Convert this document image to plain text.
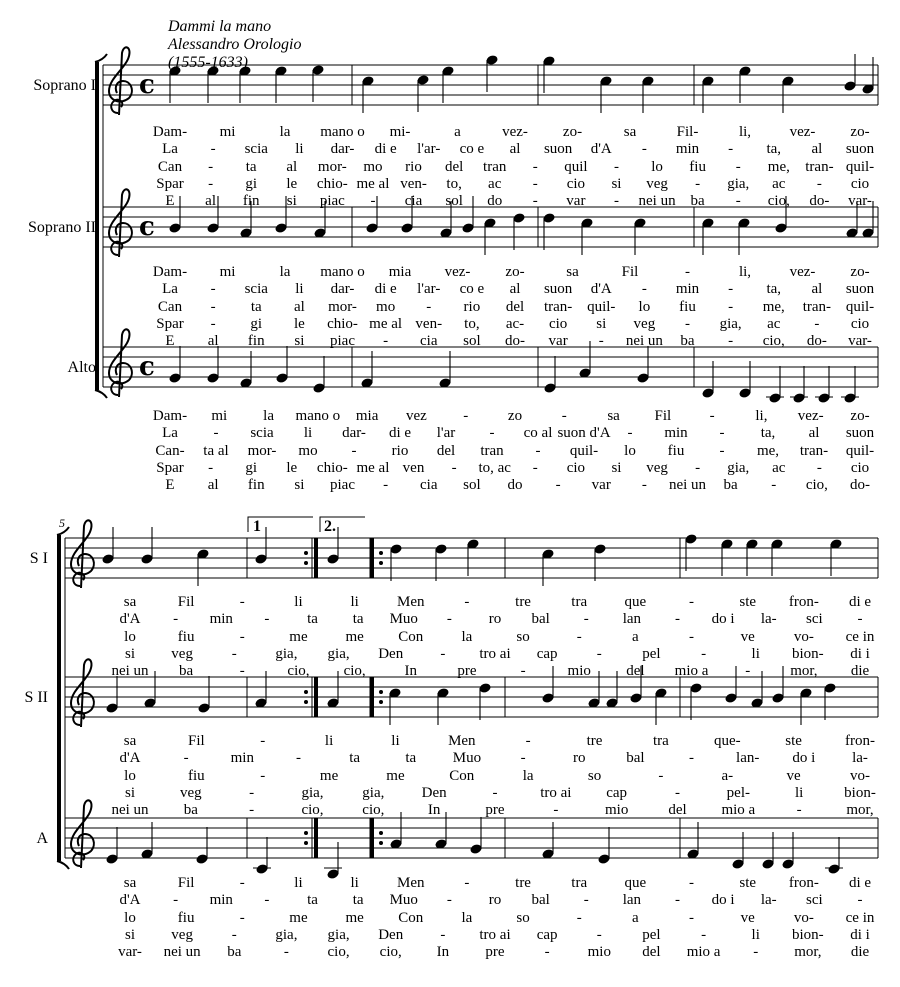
c
c
c
Dammi la mano
Alessandro Orologio
(1555-1633)
Soprano I
Dam- mi	la mano o mi-	a	vez- zo-	sa	Fil-	li,	vez- zo-
La - scia li dar- di e l'ar- co e al suon d'A - min - ta, al suon
Can - ta al mor- mo rio del tran - quil - lo fiu - me, tran- quil-
Spar - gi le chio- me al ven- to, ac - cio si veg - gia, ac - cio
E al fin si piac - cia sol do - var - nei un ba - cio, do- var-
Soprano II
Dam- mi	la mano o mia vez- zo-	sa	Fil	-	li,	vez- zo-
La - scia li dar- di e l'ar- co e al suon d'A - min - ta, al suon
Can - ta al mor- mo - rio del tran- quil- lo fiu - me, tran- quil-
Spar - gi le chio- me al ven- to, ac- cio si veg - gia, ac - cio
E al fin si piac - cia sol do- var - nei un ba - cio, do- var-
Alto
Dam- mi la mano o mia vez -	zo	-	sa Fil	-	li, vez- zo-
La - scia li dar- di e l'ar - co al suon d'A - min - ta, al suon
Can- ta al mor- mo - rio del tran - quil- lo fiu - me, tran- quil-
Spar - gi le chio- me al ven - to, ac - cio si veg - gia, ac - cio
E al fin si piac - cia sol do - var - nei un ba - cio, do-
5	1	2.
S I
sa	Fil	-	li	li	Men	-	tre	tra que	-	ste fron- di e
d'A - min -	ta ta Muo - ro bal - lan - do i la- sci -
lo	fiu	-	me	me Con	la	so	-	a	-	ve	vo- ce in
si veg	-	gia, gia, Den - tro ai cap	-	pel	-	li bion- di i
nei un ba	-	cio, cio,	In	pre	-	mio del mio a -	mor, die
S II
sa	Fil	-	li	li	Men	-	tre	tra	que-	ste	fron-
d'A	-	min	-	ta	ta Muo	-	ro	bal	-	lan- do i la-
lo	fiu	-	me	me	Con	la	so	-	a-	ve	vo-
si	veg	-	gia,	gia, Den	-	tro ai cap	-	pel-	li	bion-
nei un ba	-	cio,	cio,	In	pre	-	mio	del mio a	-	mor,
A
sa	Fil	-	li	li	Men	-	tre	tra que	-	ste fron- di e
d'A - min -	ta ta Muo - ro bal - lan - do i la- sci -
lo	fiu	-	me	me Con	la	so	-	a	-	ve	vo- ce in
si veg	-	gia, gia, Den - tro ai cap	-	pel	-	li bion- di i
var- nei un ba	-	cio, cio, In pre	-	mio del mio a - mor, die
